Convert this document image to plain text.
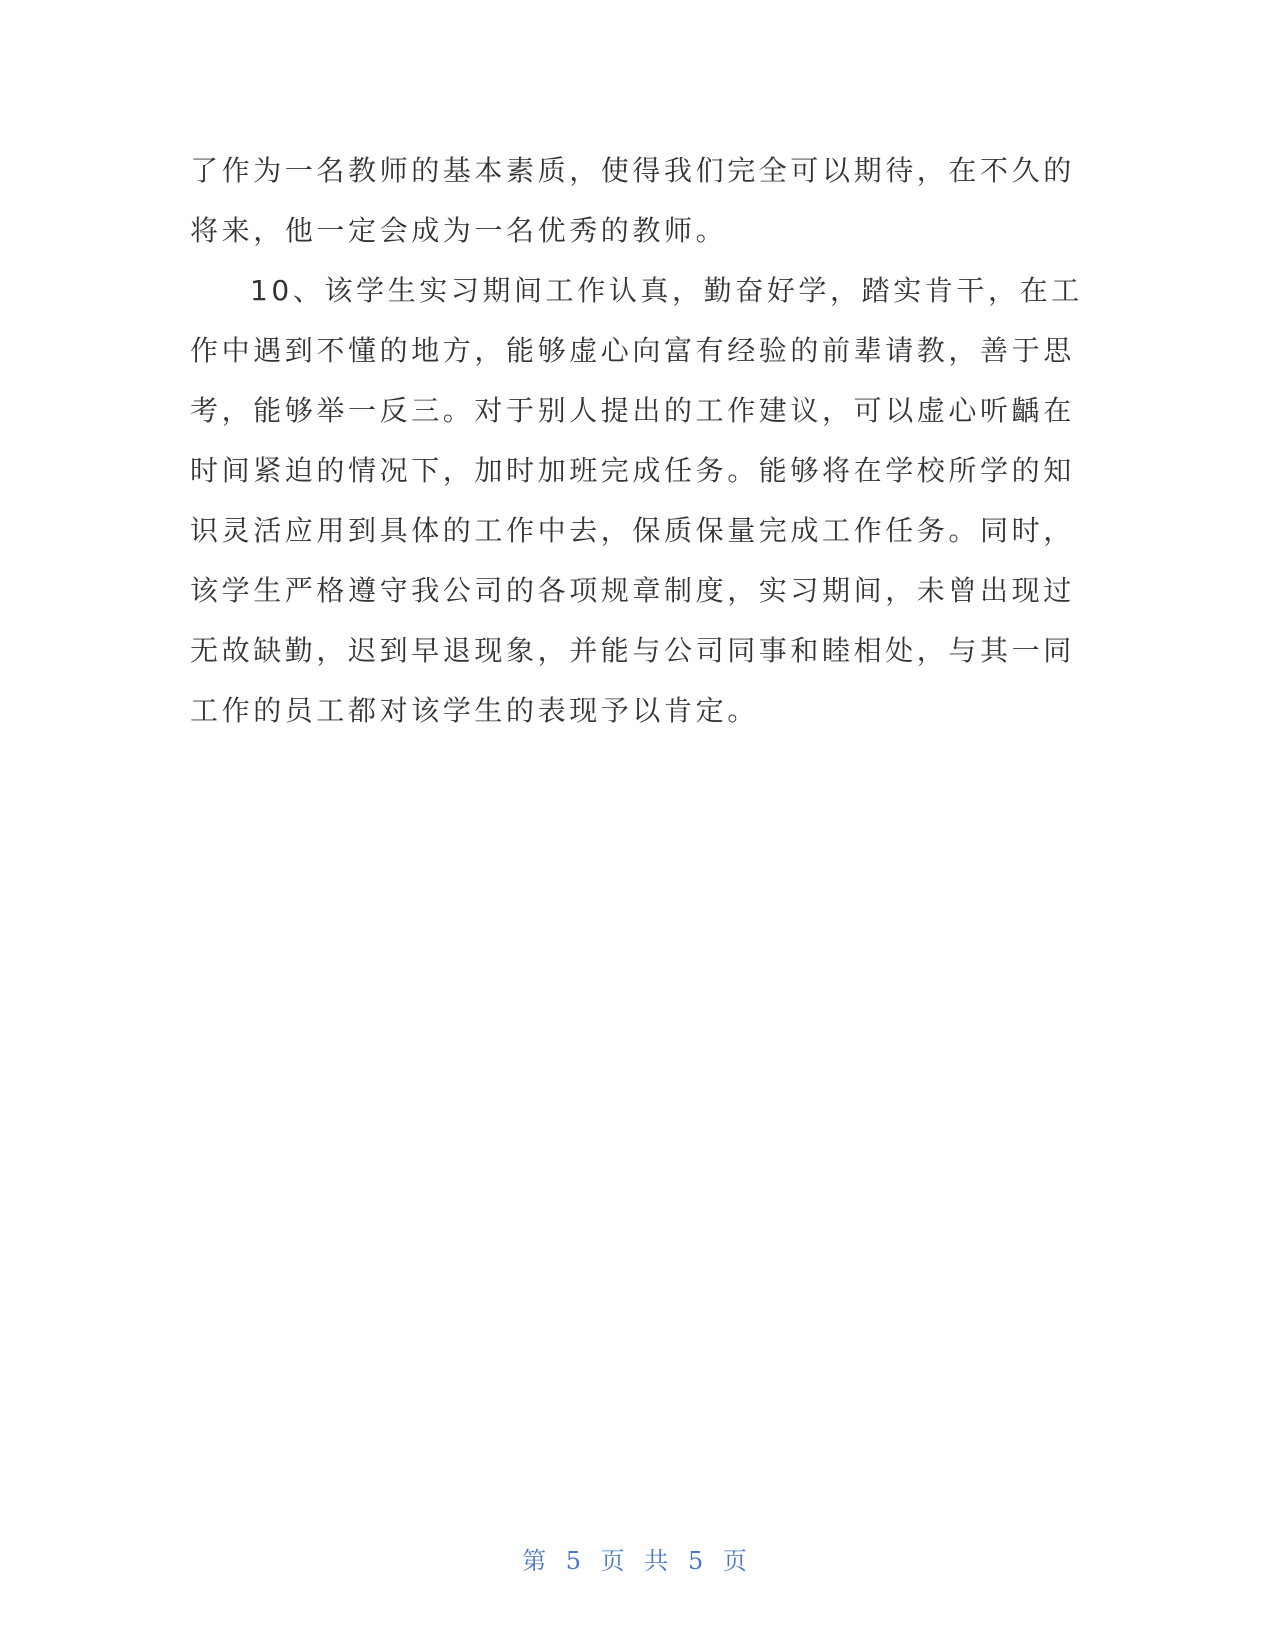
了作为一名教师的基本素质，使得我们完全可以期待，在不久的
将来，他一定会成为一名优秀的教师。
10、该学生实习期间工作认真，勤奋好学，踏实肯干，在工
作中遇到不懂的地方，能够虚心向富有经验的前辈请教，善于思
考，能够举一反三。对于别人提出的工作建议，可以虚心听齲在
时间紧迫的情况下，加时加班完成任务。能够将在学校所学的知
识灵活应用到具体的工作中去，保质保量完成工作任务。同时，
该学生严格遵守我公司的各项规章制度，实习期间，未曾出现过
无故缺勤，迟到早退现象，并能与公司同事和睦相处，与其一同
工作的员工都对该学生的表现予以肯定。
第 5 页 共 5 页
